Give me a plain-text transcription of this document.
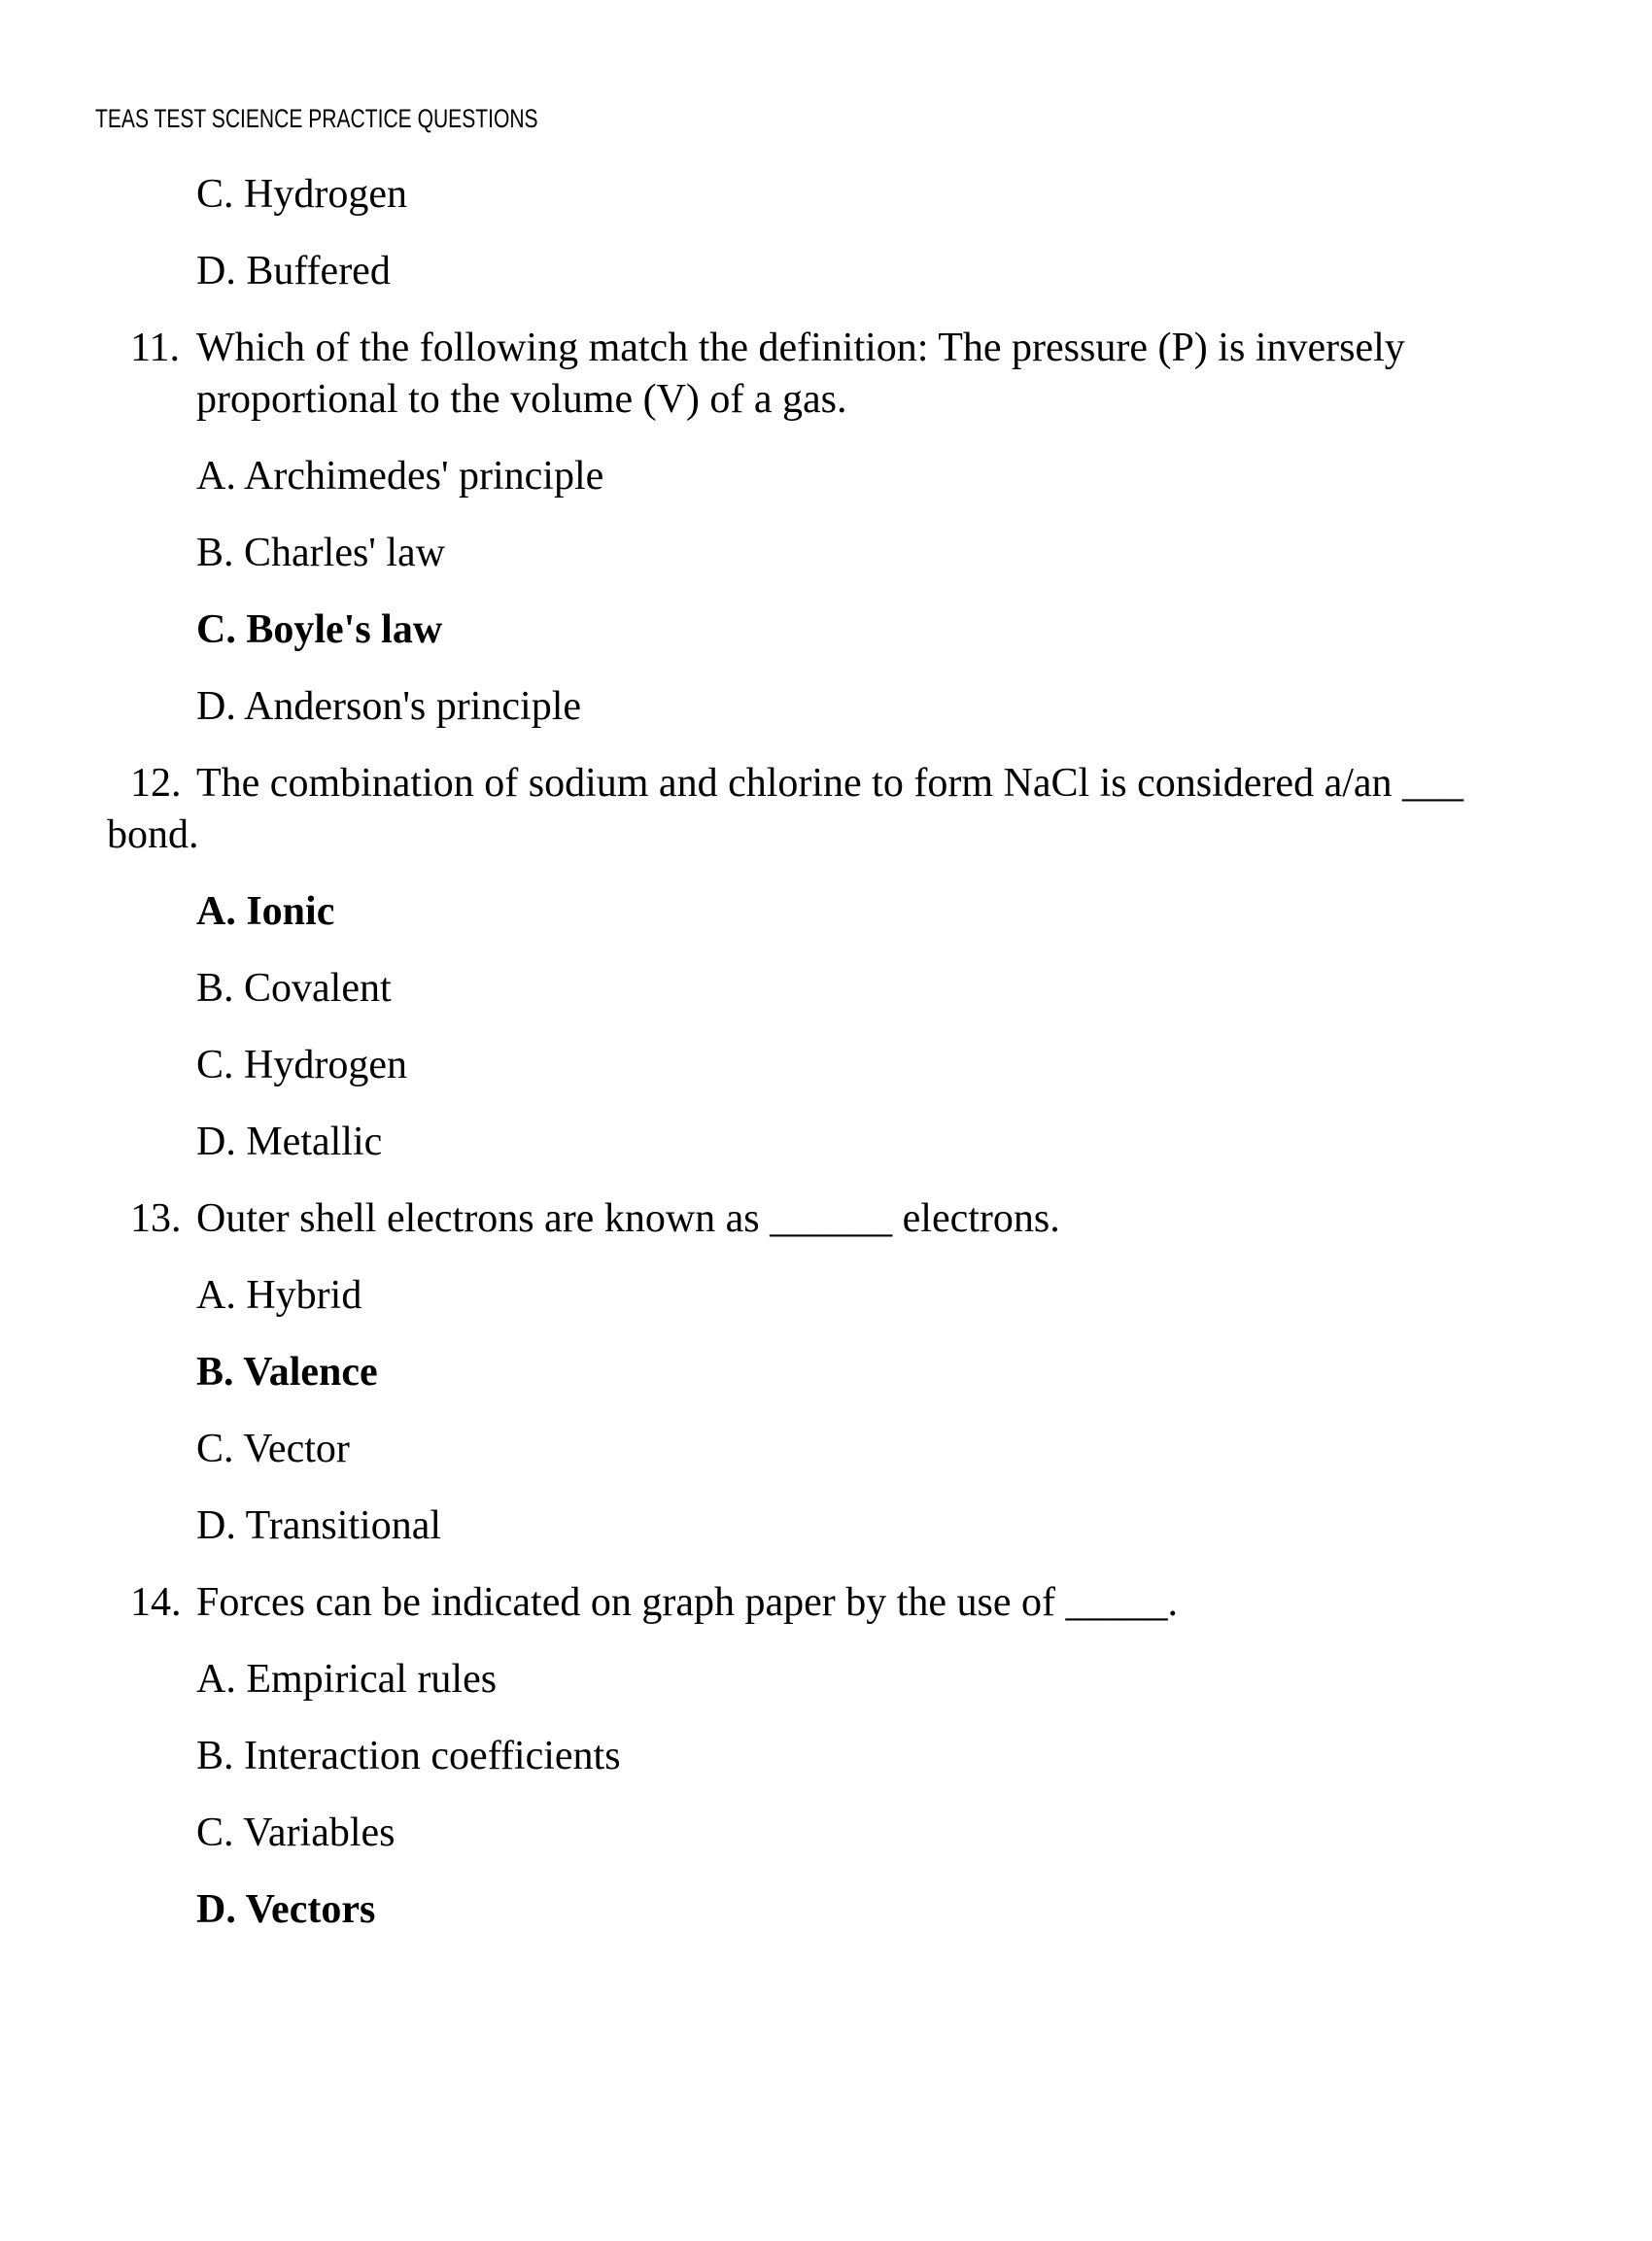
TEAS TEST SCIENCE PRACTICE QUESTIONS
C. Hydrogen
D. Buffered
11. Which of the following match the definition: The pressure (P) is inversely
proportional to the volume (V) of a gas.
A. Archimedes' principle
B. Charles' law
C. Boyle's law
D. Anderson's principle
12. The combination of sodium and chlorine to form NaCl is considered a/an ___
bond.
A. Ionic
B. Covalent
C. Hydrogen
D. Metallic
13. Outer shell electrons are known as ______ electrons.
A. Hybrid
B. Valence
C. Vector
D. Transitional
14. Forces can be indicated on graph paper by the use of _____.
A. Empirical rules
B. Interaction coefficients
C. Variables
D. Vectors
